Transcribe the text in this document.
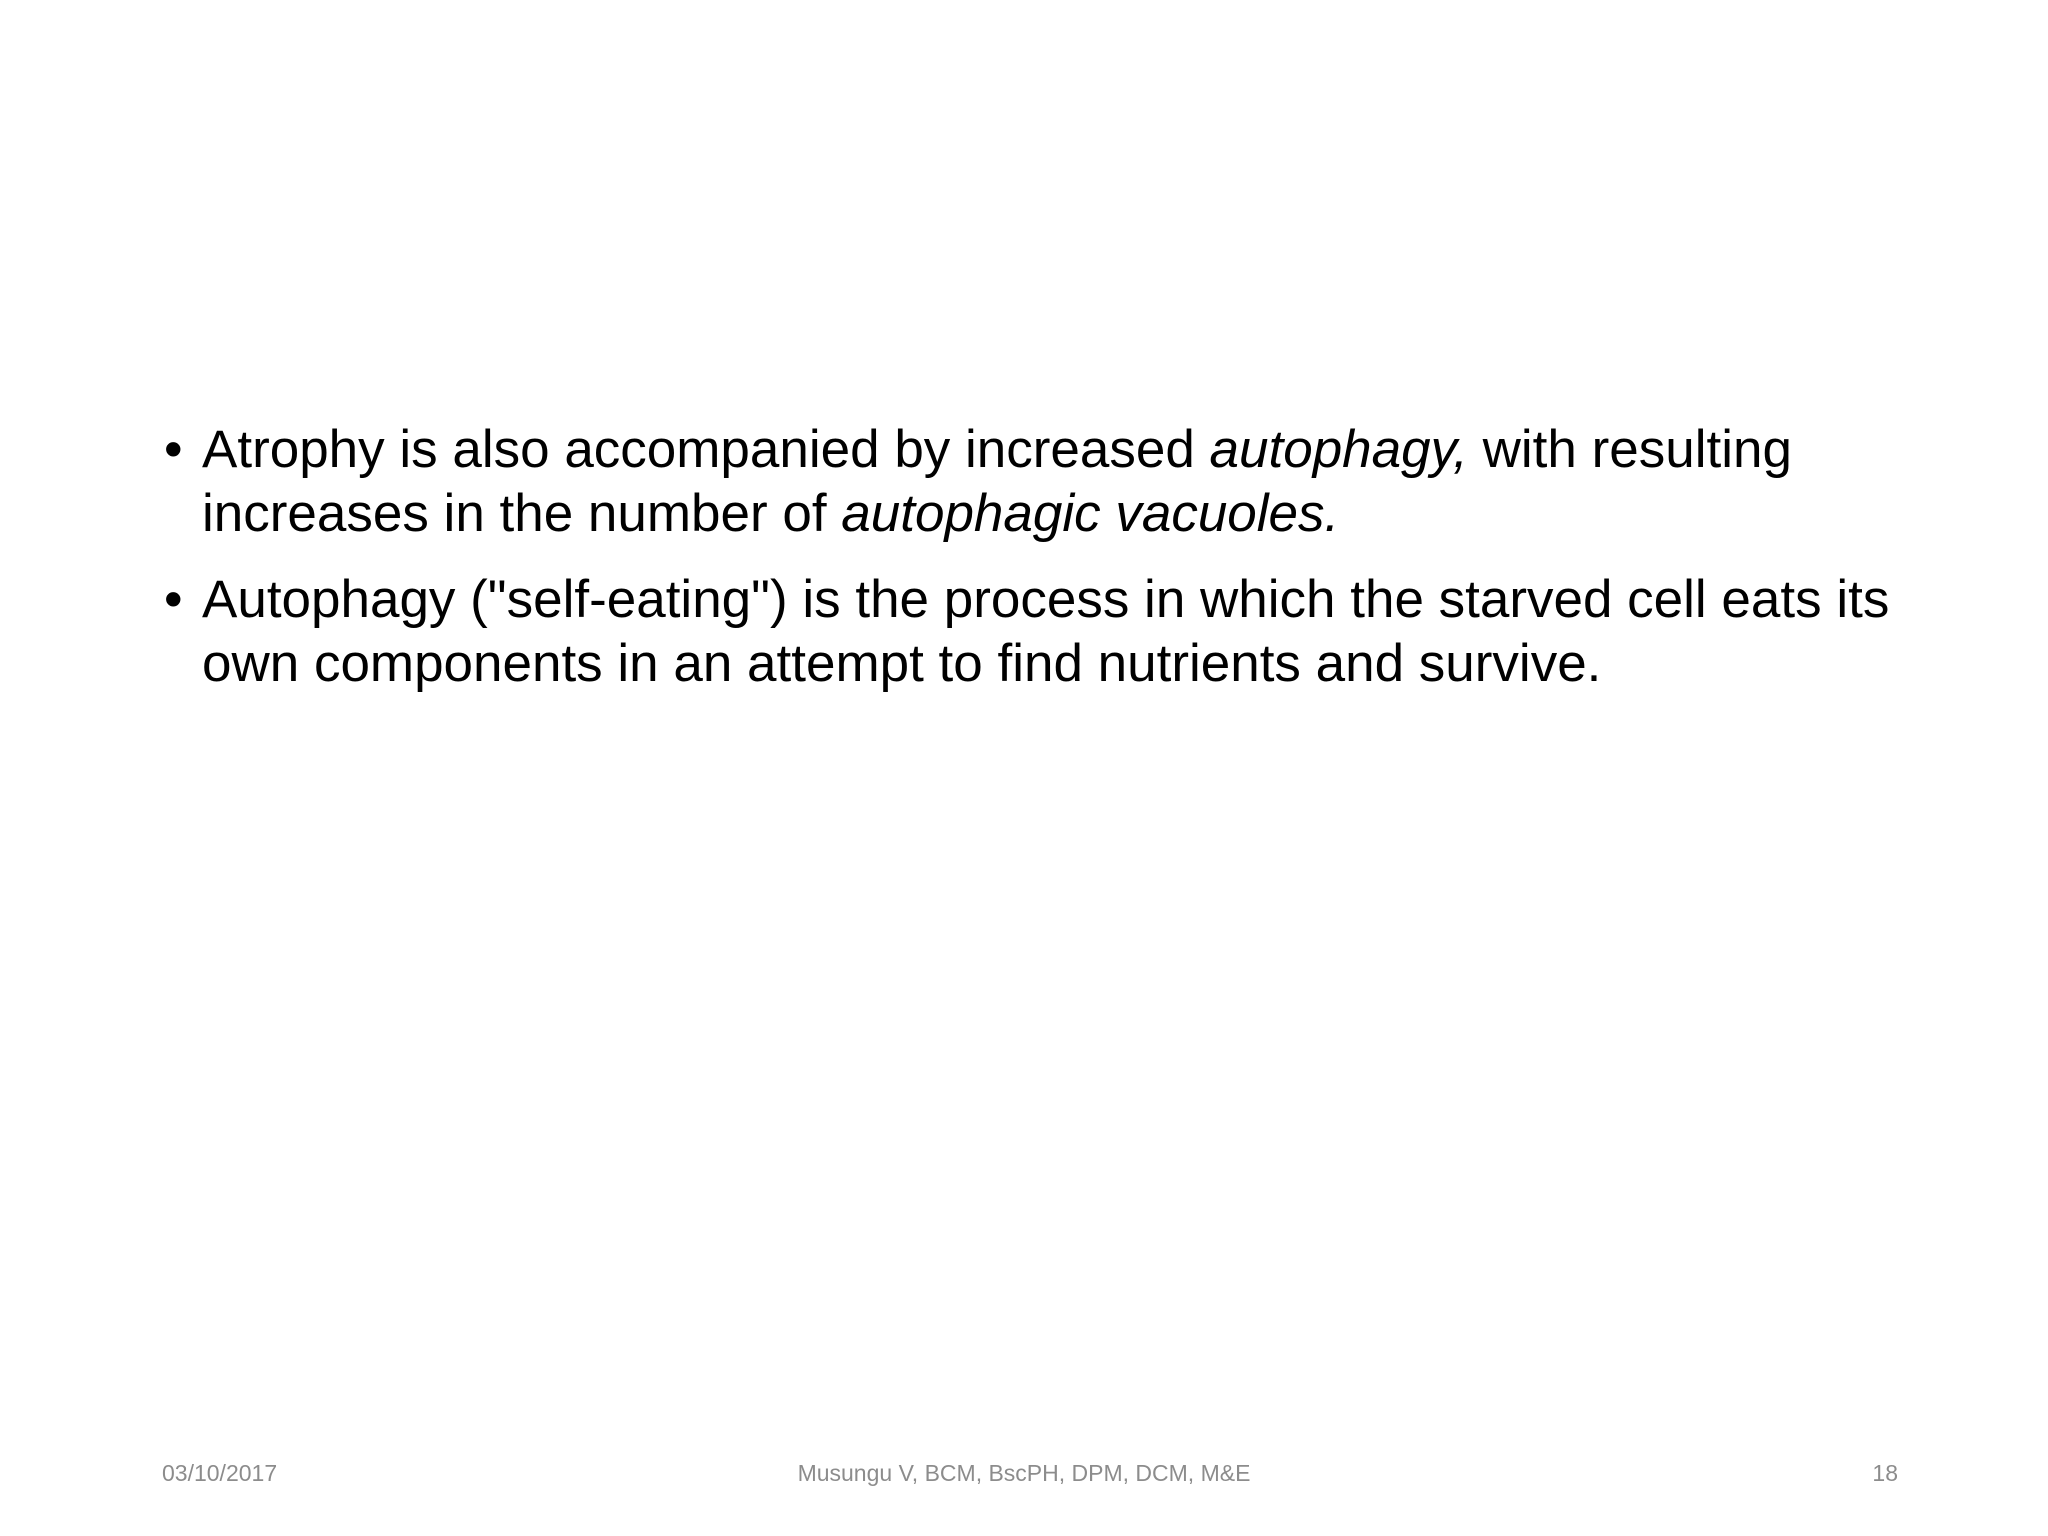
• Atrophy is also accompanied by increased autophagy, with resulting increases in the number of autophagic vacuoles.
• Autophagy ("self-eating") is the process in which the starved cell eats its own components in an attempt to find nutrients and survive.
03/10/2017	Musungu V, BCM, BscPH, DPM, DCM, M&E	18
